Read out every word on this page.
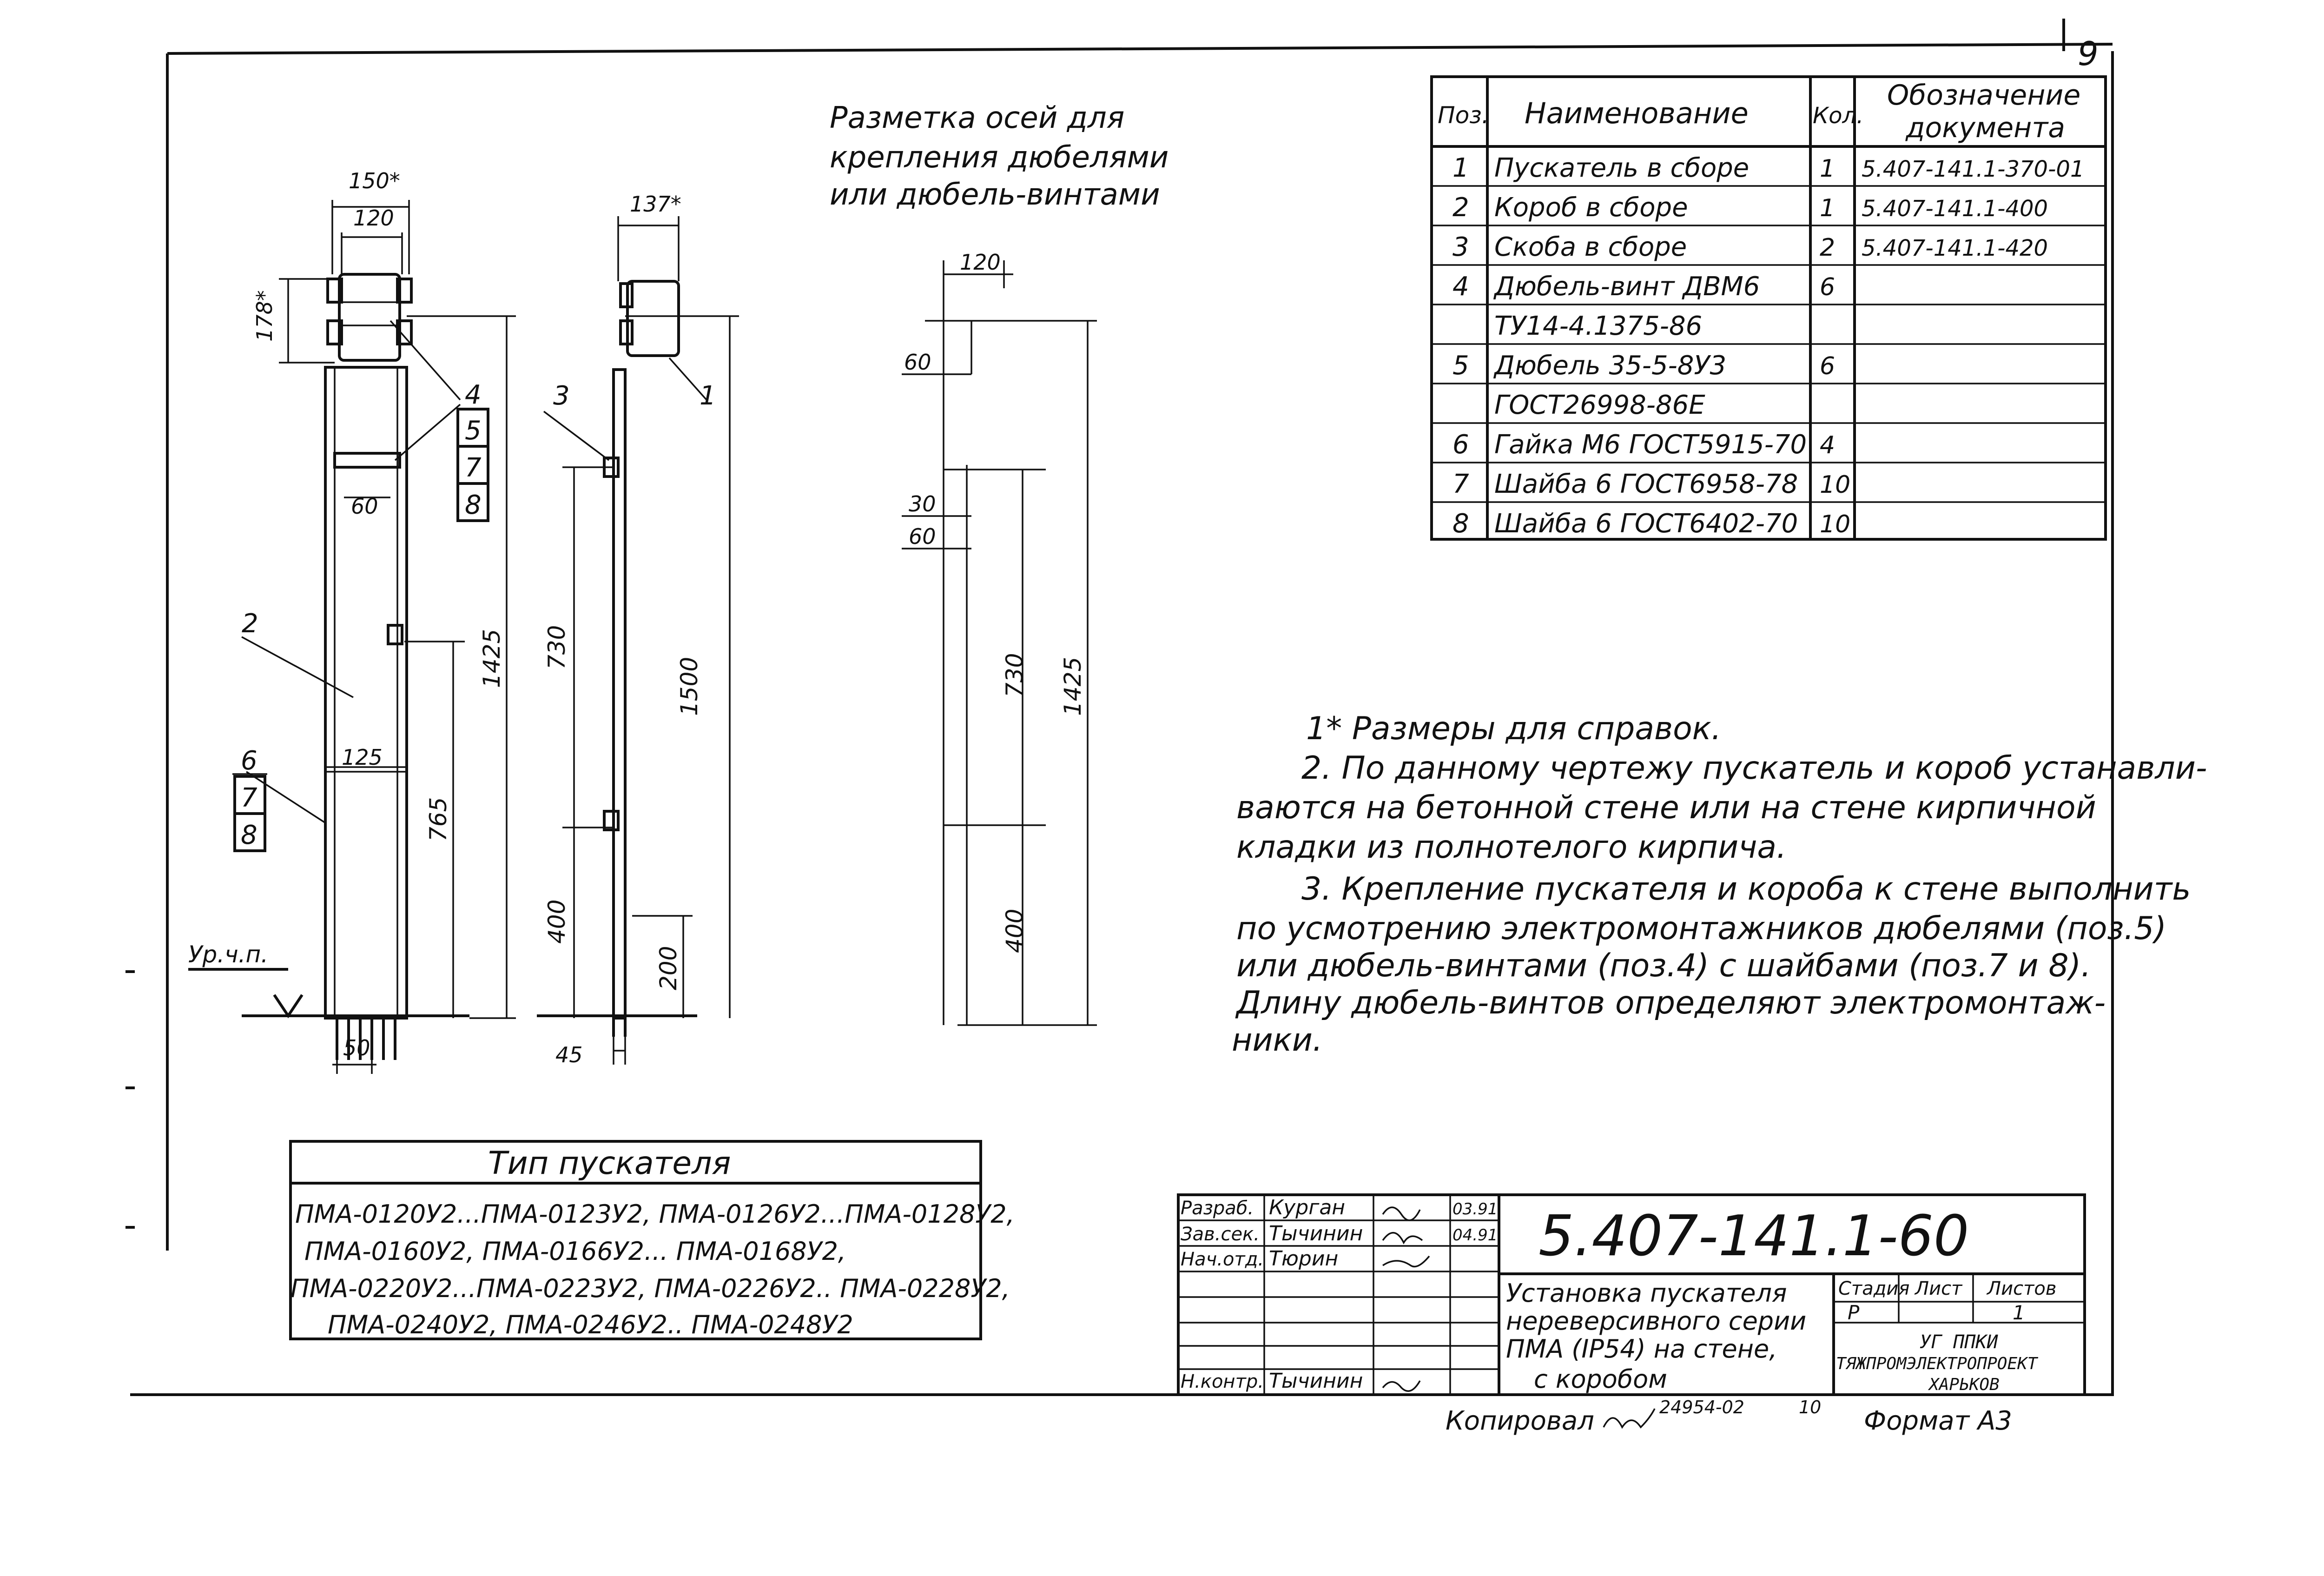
9
Разметка осей для
крепления дюбелями
или дюбель-винтами
Поз. Наименование	Кол.
Обозначение
документа
1 Пускатель в сборе	1 5.407-141.1-370-01
2 Короб в сборе	1 5.407-141.1-400
3 Скоба в сборе	2 5.407-141.1-420
4 Дюбель-винт ДВМ6 6
ТУ14-4.1375-86
5 Дюбель 35-5-8У3	6
ГОСТ26998-86Е
6 Гайка М6 ГОСТ5915-70 4
7 Шайба 6 ГОСТ6958-78 10
8 Шайба 6 ГОСТ6402-70 10
150*
120
178*
60
125
1425
765
50
4
5
7
8
2
6
7
8
Ур.ч.п.
137*
730
1500
400
200
45
3	1
120
60
30
60
730 1425
400
1* Размеры для справок.
2. По данному чертежу пускатель и короб устанавли-
ваются на бетонной стене или на стене кирпичной
кладки из полнотелого кирпича.
3. Крепление пускателя и короба к стене выполнить
по усмотрению электромонтажников дюбелями (поз.5)
или дюбель-винтами (поз.4) с шайбами (поз.7 и 8).
Длину дюбель-винтов определяют электромонтаж-
ники.
Тип пускателя
ПМА-0120У2...ПМА-0123У2, ПМА-0126У2...ПМА-0128У2,
ПМА-0160У2, ПМА-0166У2... ПМА-0168У2,
ПМА-0220У2...ПМА-0223У2, ПМА-0226У2.. ПМА-0228У2,
ПМА-0240У2, ПМА-0246У2.. ПМА-0248У2
5.407-141.1-60
Установка пускателя
нереверсивного серии
ПМА (IP54) на стене,
с коробом
Стадия Лист Листов
Р	1
УГ ППКИ
ТЯЖПРОМЭЛЕКТРОПРОЕКТ
ХАРЬКОВ
Разраб. Курган	03.91
Зав.сек. Тычинин	04.91
Нач.отд. Тюрин
Н.контр. Тычинин
Копировал	24954-02	10 Формат А3
